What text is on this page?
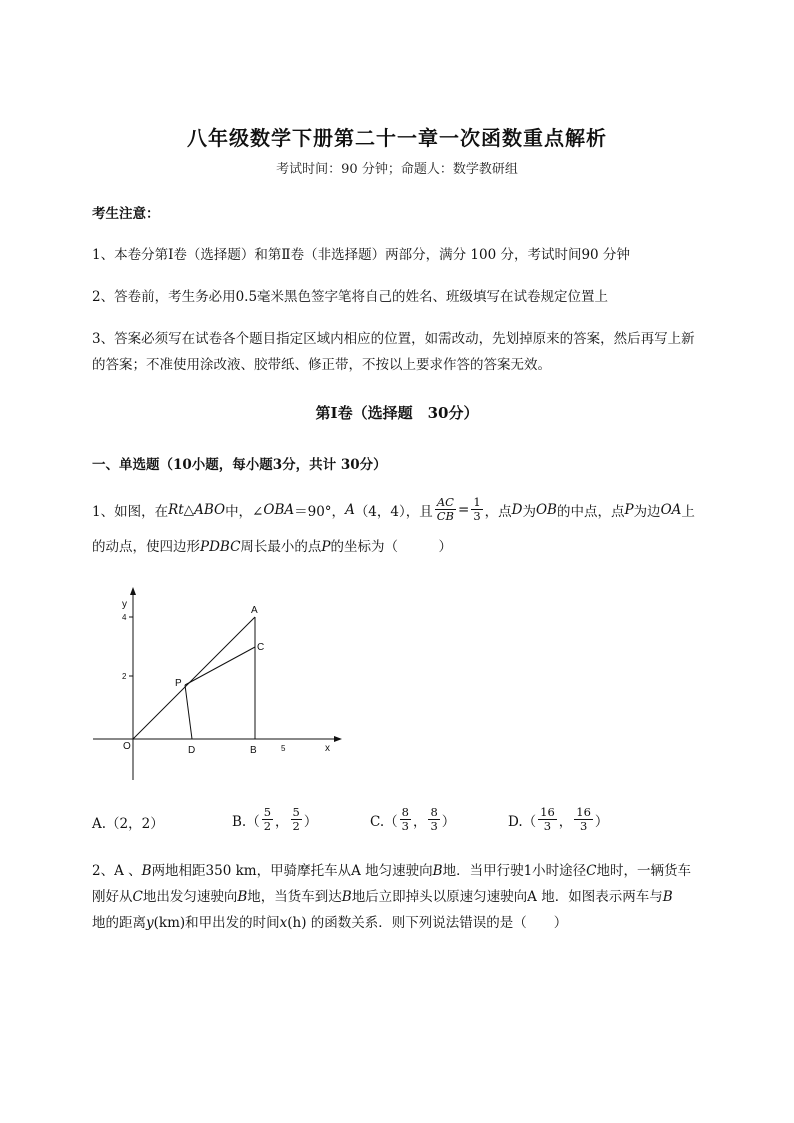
八年级数学下册第二十一章一次函数重点解析
考试时间：90 分钟；命题人：数学教研组
考生注意：
1、本卷分第Ⅰ卷（选择题）和第Ⅱ卷（非选择题）两部分，满分 100 分，考试时间90 分钟
2、答卷前，考生务必用0.5毫米黑色签字笔将自己的姓名、班级填写在试卷规定位置上
3、答案必须写在试卷各个题目指定区域内相应的位置，如需改动，先划掉原来的答案，然后再写上新
的答案；不准使用涂改液、胶带纸、修正带，不按以上要求作答的答案无效。
第Ⅰ卷（选择题　30分）
一、单选题（10小题，每小题3分，共计 30分）
1、如图，在 Rt△ABO 中，∠ OBA ＝90°， A （4，4），且 $\frac{AC}{CB} = \frac{1}{3}$ ，点 D 为 OB 的中点，点 P 为边 OA 上
的动点，使四边形PDBC周长最小的点P的坐标为（　　　）
y
x
4
2
5
O
A
C
B
D
P
A.（2，2）	$B.( \frac{5}{2}$ ， $\frac{5}{2}$ ）	$C.( \frac{8}{3}$ ， $\frac{8}{3}$ ）	$D.( \frac{16}{3}$ ， $\frac{16}{3}$ ）
2、A 、B两地相距350 km，甲骑摩托车从A 地匀速驶向B地．当甲行驶1小时途径C地时，一辆货车
刚好从C地出发匀速驶向B地，当货车到达B地后立即掉头以原速匀速驶向A 地．如图表示两车与B
地的距离y(km)和甲出发的时间x(h) 的函数关系．则下列说法错误的是（　　）
